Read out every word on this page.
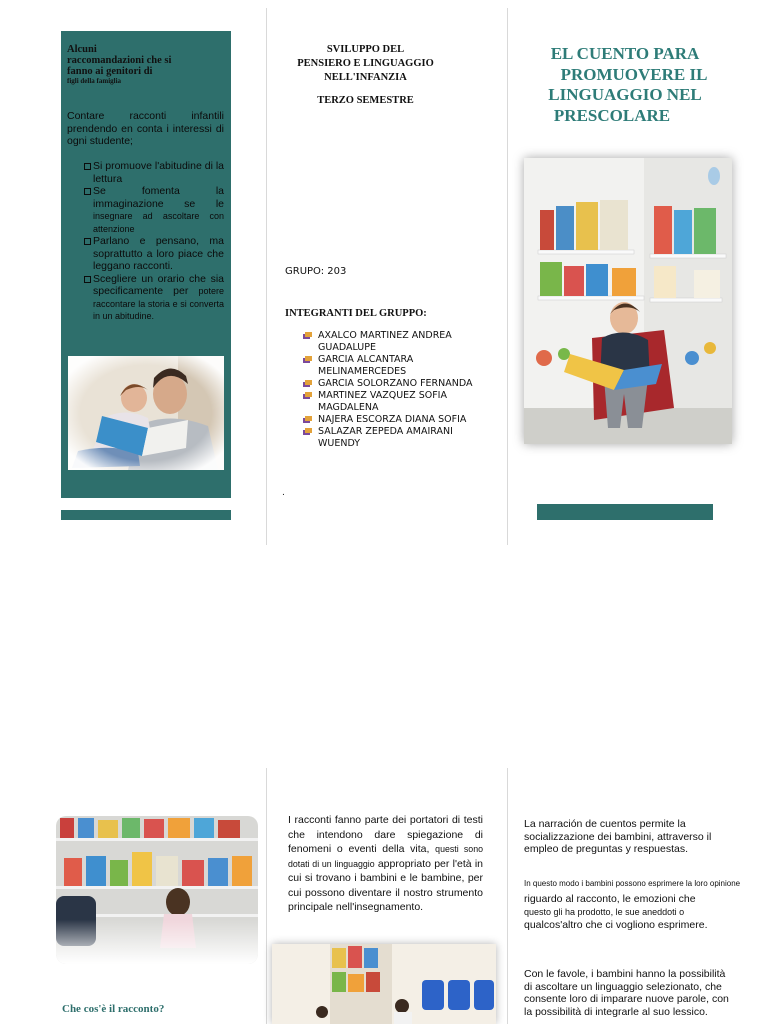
Alcuni
raccomandazioni che si
fanno ai genitori di
figli della famiglia
Contare racconti infantili prendendo en conta i interessi di ogni studente;
Si promuove l'abitudine di la lettura
Se fomenta la immaginazione se le insegnare ad ascoltare con attenzione
Parlano e pensano, ma soprattutto a loro piace che leggano racconti.
Scegliere un orario che sia specificamente per potere raccontare la storia e si converta in un abitudine.
SVILUPPO DEL
PENSIERO E LINGUAGGIO
NELL'INFANZIA
TERZO SEMESTRE
GRUPO: 203
INTEGRANTI DEL GRUPPO:
AXALCO MARTINEZ ANDREA GUADALUPE
GARCIA ALCANTARA MELINAMERCEDES
GARCIA SOLORZANO FERNANDA
MARTINEZ VAZQUEZ SOFIA MAGDALENA
NAJERA ESCORZA DIANA SOFIA
SALAZAR ZEPEDA AMAIRANI WUENDY
.
EL CUENTO PARA
PROMUOVERE IL
LINGUAGGIO NEL
PRESCOLARE
Che cos'è il racconto?
I racconti fanno parte dei portatori di testi che intendono dare spiegazione di fenomeni o eventi della vita, questi sono dotati di un linguaggio appropriato per l'età in cui si trovano i bambini e le bambine, per cui possono diventare il nostro strumento principale nell'insegnamento.
La narración de cuentos permite la socializzazione dei bambini, attraverso il empleo de preguntas y respuestas.
In questo modo i bambini possono esprimere la loro opinione
riguardo al racconto, le emozioni che questo gli ha prodotto, le sue aneddoti o qualcos'altro che ci vogliono esprimere.
Con le favole, i bambini hanno la possibilità di ascoltare un linguaggio selezionato, che consente loro di imparare nuove parole, con la possibilità di integrarle al suo lessico.
